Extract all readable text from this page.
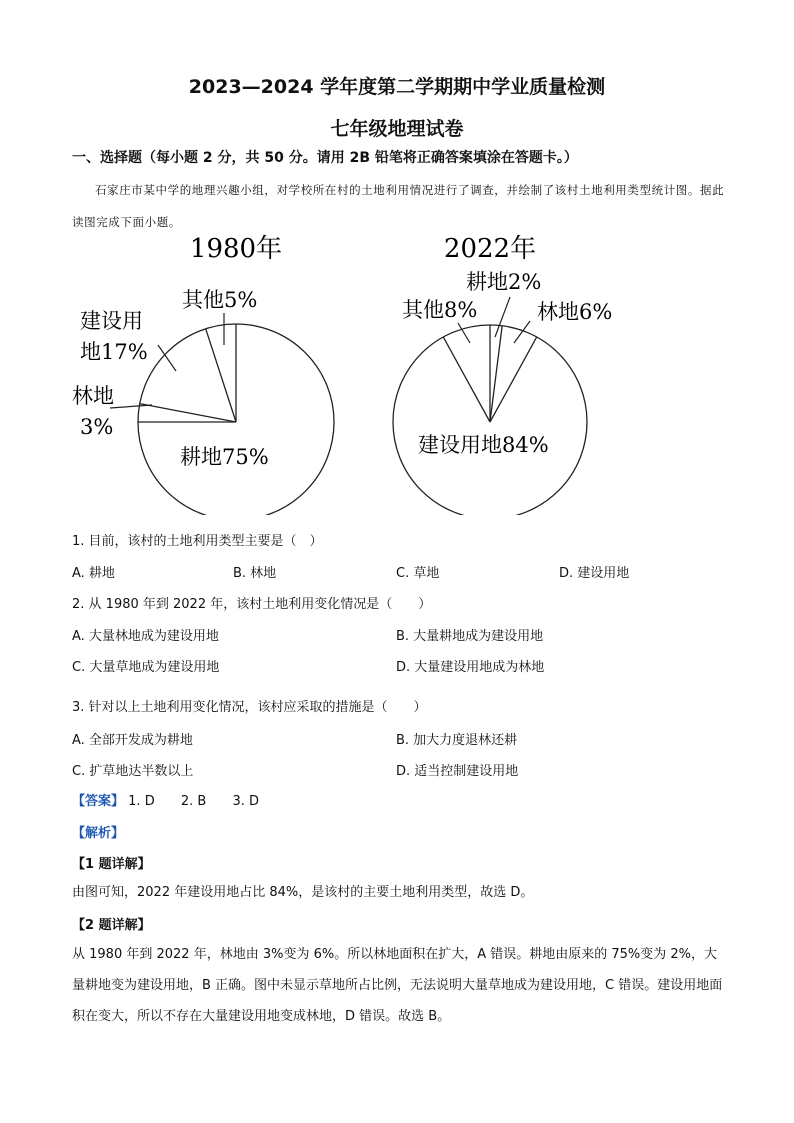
2023—2024 学年度第二学期期中学业质量检测
七年级地理试卷
一、选择题（每小题 2 分，共 50 分。请用 2B 铅笔将正确答案填涂在答题卡。）
石家庄市某中学的地理兴趣小组，对学校所在村的土地利用情况进行了调查，并绘制了该村土地利用类型统计图。据此读图完成下面小题。
1980年
其他5%
建设用
地17%
林地
3%
耕地75%
2022年
耕地2%
其他8%	林地6%
建设用地84%
1. 目前，该村的土地利用类型主要是（　）
A. 耕地	B. 林地	C. 草地	D. 建设用地
2. 从 1980 年到 2022 年，该村土地利用变化情况是（　　）
A. 大量林地成为建设用地	B. 大量耕地成为建设用地
C. 大量草地成为建设用地	D. 大量建设用地成为林地
3. 针对以上土地利用变化情况，该村应采取的措施是（　　）
A. 全部开发成为耕地	B. 加大力度退林还耕
C. 扩草地达半数以上	D. 适当控制建设用地
【答案】 1. D 2. B 3. D
【解析】
【1 题详解】
由图可知，2022 年建设用地占比 84%，是该村的主要土地利用类型，故选 D。
【2 题详解】
从 1980 年到 2022 年，林地由 3%变为 6%。所以林地面积在扩大，A 错误。耕地由原来的 75%变为 2%，大量耕地变为建设用地，B 正确。图中未显示草地所占比例，无法说明大量草地成为建设用地，C 错误。建设用地面积在变大，所以不存在大量建设用地变成林地，D 错误。故选 B。
